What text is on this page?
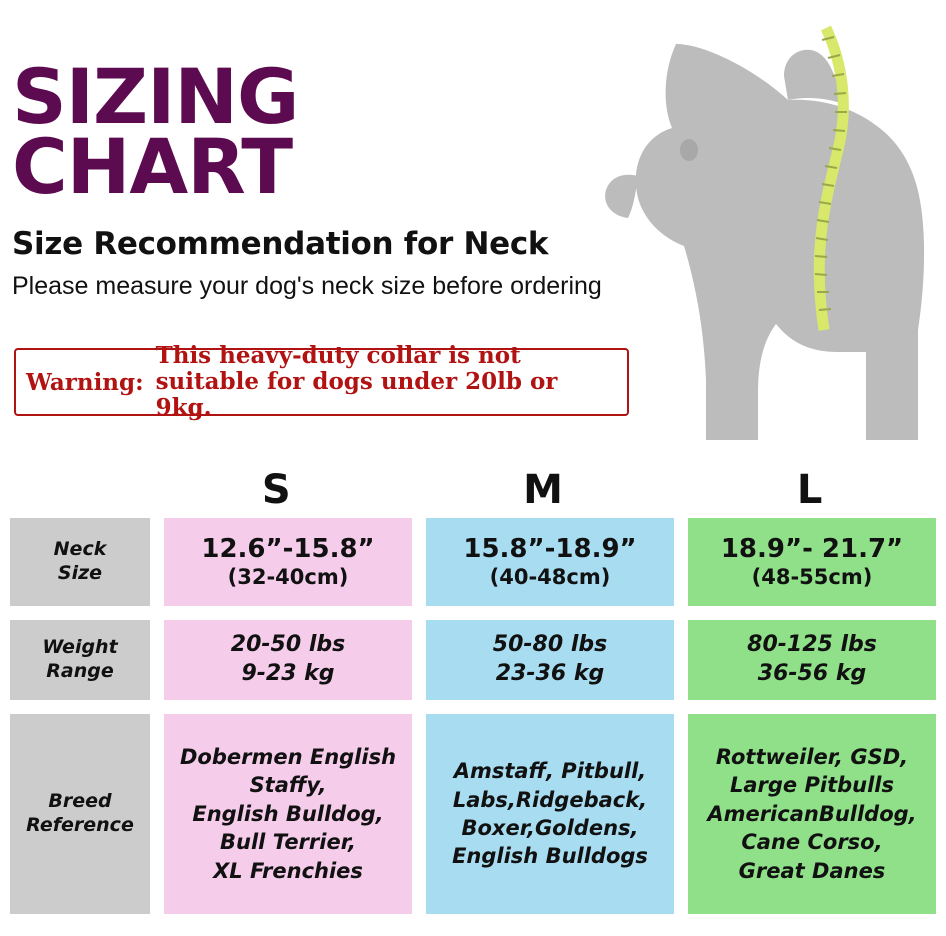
SIZING
CHART
Size Recommendation for Neck
Please measure your dog's neck size before ordering
Warning:
This heavy-duty collar is not suitable for dogs under 20lb or 9kg.
S	M	L
Neck
Size
12.6”-15.8”
(32-40cm)
15.8”-18.9”
(40-48cm)
18.9”- 21.7”
(48-55cm)
Weight
Range
20-50 lbs
9-23 kg
50-80 lbs
23-36 kg
80-125 lbs
36-56 kg
Breed
Reference
Dobermen English Staffy,
English Bulldog,
Bull Terrier,
XL Frenchies
Amstaff, Pitbull,
Labs,Ridgeback,
Boxer,Goldens,
English Bulldogs
Rottweiler, GSD,
Large Pitbulls
AmericanBulldog,
Cane Corso,
Great Danes
